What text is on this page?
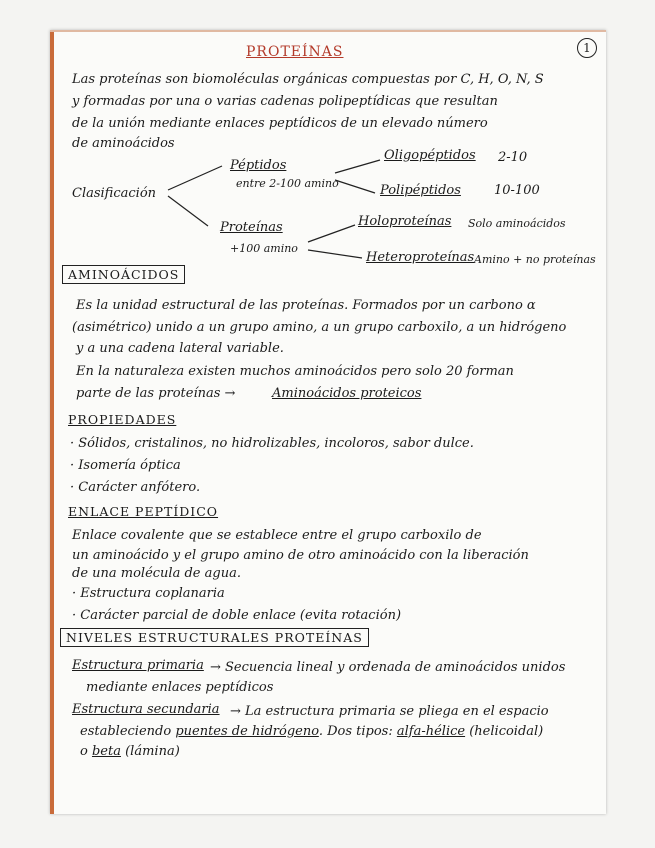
1
PROTEÍNAS
Las proteínas son biomoléculas orgánicas compuestas por C, H, O, N, S
y formadas por una o varias cadenas polipeptídicas que resultan
de la unión mediante enlaces peptídicos de un elevado número
de aminoácidos
Clasificación
Péptidos
entre 2-100 amino
Oligopéptidos 2-10
Polipéptidos	10-100
Proteínas
+100 amino
Holoproteínas Solo aminoácidos
Heteroproteínas Amino + no proteínas
AMINOÁCIDOS
Es la unidad estructural de las proteínas. Formados por un carbono α
(asimétrico) unido a un grupo amino, a un grupo carboxilo, a un hidrógeno
y a una cadena lateral variable.
En la naturaleza existen muchos aminoácidos pero solo 20 forman
parte de las proteínas →	Aminoácidos proteicos
PROPIEDADES
· Sólidos, cristalinos, no hidrolizables, incoloros, sabor dulce.
· Isomería óptica
· Carácter anfótero.
ENLACE PEPTÍDICO
Enlace covalente que se establece entre el grupo carboxilo de
un aminoácido y el grupo amino de otro aminoácido con la liberación
de una molécula de agua.
· Estructura coplanaria
· Carácter parcial de doble enlace (evita rotación)
NIVELES ESTRUCTURALES PROTEÍNAS
Estructura primaria → Secuencia lineal y ordenada de aminoácidos unidos
mediante enlaces peptídicos
Estructura secundaria → La estructura primaria se pliega en el espacio
estableciendo puentes de hidrógeno. Dos tipos: alfa-hélice (helicoidal)
o beta (lámina)
